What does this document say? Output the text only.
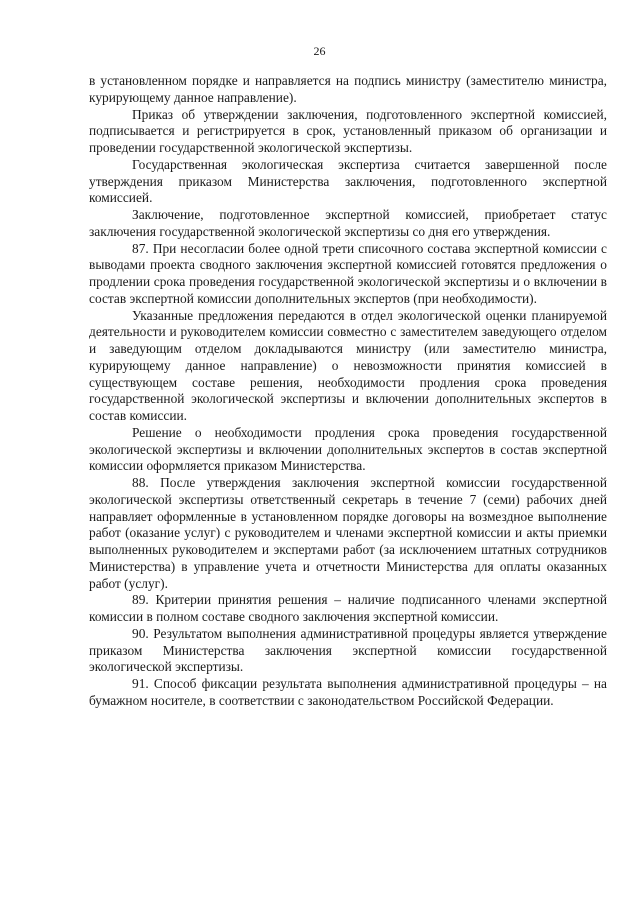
26

в установленном порядке и направляется на подпись министру (заместителю министра, курирующему данное направление).

Приказ об утверждении заключения, подготовленного экспертной комиссией, подписывается и регистрируется в срок, установленный приказом об организации и проведении государственной экологической экспертизы.

Государственная экологическая экспертиза считается завершенной после утверждения приказом Министерства заключения, подготовленного экспертной комиссией.

Заключение, подготовленное экспертной комиссией, приобретает статус заключения государственной экологической экспертизы со дня его утверждения.

87. При несогласии более одной трети списочного состава экспертной комиссии с выводами проекта сводного заключения экспертной комиссией готовятся предложения о продлении срока проведения государственной экологической экспертизы и о включении в состав экспертной комиссии дополнительных экспертов (при необходимости).

Указанные предложения передаются в отдел экологической оценки планируемой деятельности и руководителем комиссии совместно с заместителем заведующего отделом и заведующим отделом докладываются министру (или заместителю министра, курирующему данное направление) о невозможности принятия комиссией в существующем составе решения, необходимости продления срока проведения государственной экологической экспертизы и включении дополнительных экспертов в состав комиссии.

Решение о необходимости продления срока проведения государственной экологической экспертизы и включении дополнительных экспертов в состав экспертной комиссии оформляется приказом Министерства.

88. После утверждения заключения экспертной комиссии государственной экологической экспертизы ответственный секретарь в течение 7 (семи) рабочих дней направляет оформленные в установленном порядке договоры на возмездное выполнение работ (оказание услуг) с руководителем и членами экспертной комиссии и акты приемки выполненных руководителем и экспертами работ (за исключением штатных сотрудников Министерства) в управление учета и отчетности Министерства для оплаты оказанных работ (услуг).

89. Критерии принятия решения – наличие подписанного членами экспертной комиссии в полном составе сводного заключения экспертной комиссии.

90. Результатом выполнения административной процедуры является утверждение приказом Министерства заключения экспертной комиссии государственной экологической экспертизы.

91. Способ фиксации результата выполнения административной процедуры – на бумажном носителе, в соответствии с законодательством Российской Федерации.
